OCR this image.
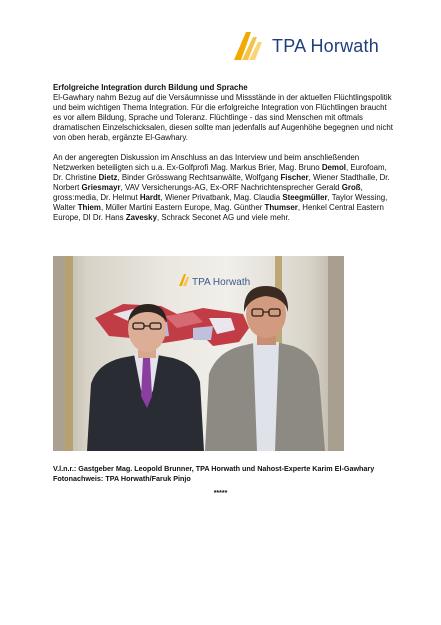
TPA Horwath

Erfolgreiche Integration durch Bildung und Sprache

El-Gawhary nahm Bezug auf die Versäumnisse und Missstände in der aktuellen Flüchtlingspolitik und beim wichtigen Thema Integration. Für die erfolgreiche Integration von Flüchtlingen braucht es vor allem Bildung, Sprache und Toleranz. Flüchtlinge - das sind Menschen mit oftmals dramatischen Einzelschicksalen, diesen sollte man jedenfalls auf Augenhöhe begegnen und nicht von oben herab, ergänzte El-Gawhary.

An der angeregten Diskussion im Anschluss an das Interview und beim anschließenden Netzwerken beteiligten sich u.a. Ex-Golfprofi Mag. Markus Brier, Mag. Bruno Demol, Eurofoam, Dr. Christine Dietz, Binder Grösswang Rechtsanwälte, Wolfgang Fischer, Wiener Stadthalle, Dr. Norbert Griesmayr, VAV Versicherungs-AG, Ex-ORF Nachrichtensprecher Gerald Groß, gross:media, Dr. Helmut Hardt, Wiener Privatbank, Mag. Claudia Steegmüller, Taylor Wessing, Walter Thiem, Müller Martini Eastern Europe, Mag. Günther Thumser, Henkel Central Eastern Europe, DI Dr. Hans Zavesky, Schrack Seconet AG und viele mehr.

TPA Horwath
V.l.n.r.: Gastgeber Mag. Leopold Brunner, TPA Horwath und Nahost-Experte Karim El-Gawhary
Fotonachweis: TPA Horwath/Faruk Pinjo
*****
